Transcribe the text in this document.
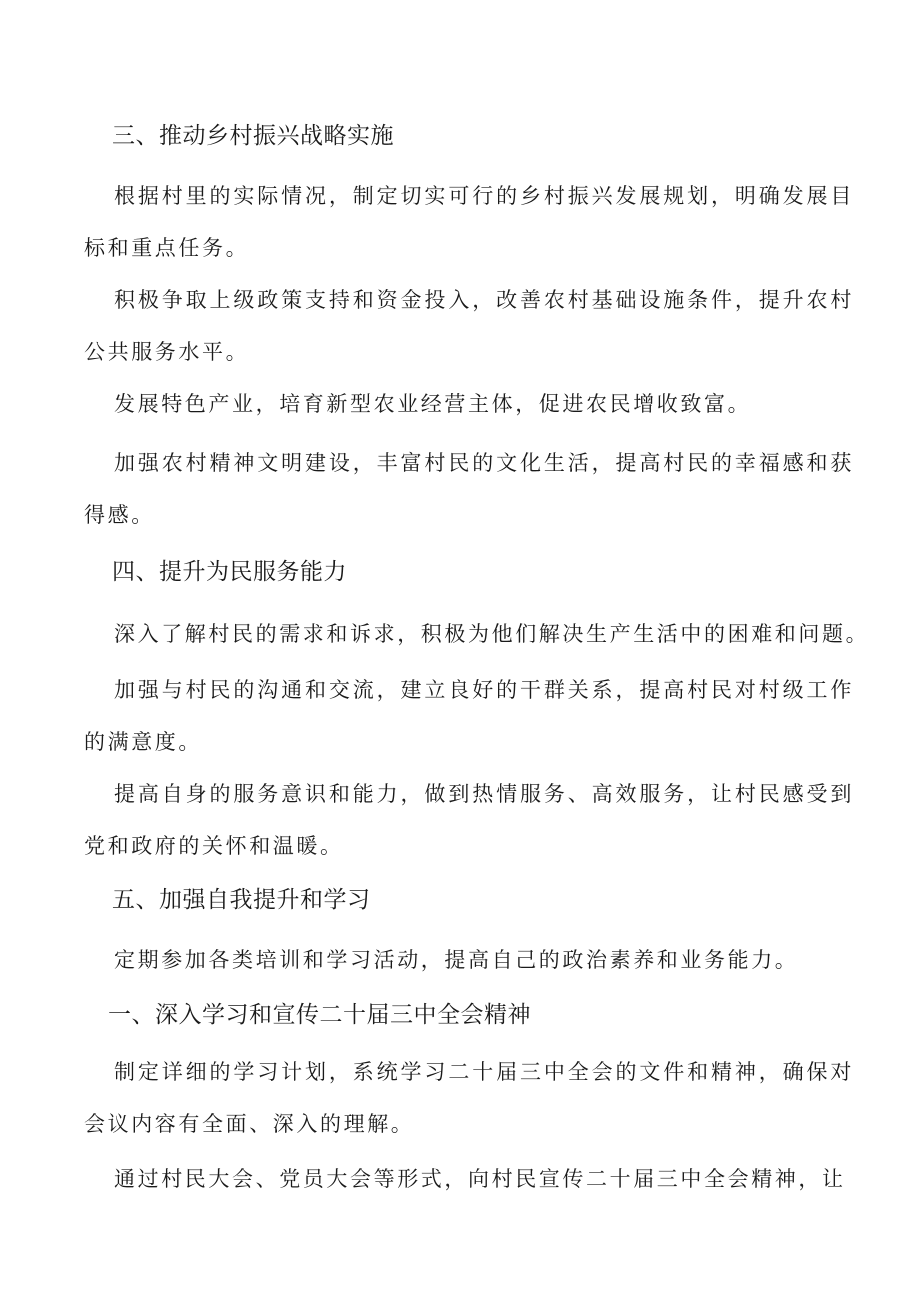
三、推动乡村振兴战略实施

根据村里的实际情况，制定切实可行的乡村振兴发展规划，明确发展目标和重点任务。

积极争取上级政策支持和资金投入，改善农村基础设施条件，提升农村公共服务水平。

发展特色产业，培育新型农业经营主体，促进农民增收致富。

加强农村精神文明建设，丰富村民的文化生活，提高村民的幸福感和获得感。

四、提升为民服务能力

深入了解村民的需求和诉求，积极为他们解决生产生活中的困难和问题。

加强与村民的沟通和交流，建立良好的干群关系，提高村民对村级工作的满意度。

提高自身的服务意识和能力，做到热情服务、高效服务，让村民感受到党和政府的关怀和温暖。

五、加强自我提升和学习

定期参加各类培训和学习活动，提高自己的政治素养和业务能力。

一、深入学习和宣传二十届三中全会精神

制定详细的学习计划，系统学习二十届三中全会的文件和精神，确保对会议内容有全面、深入的理解。

通过村民大会、党员大会等形式，向村民宣传二十届三中全会精神，让
